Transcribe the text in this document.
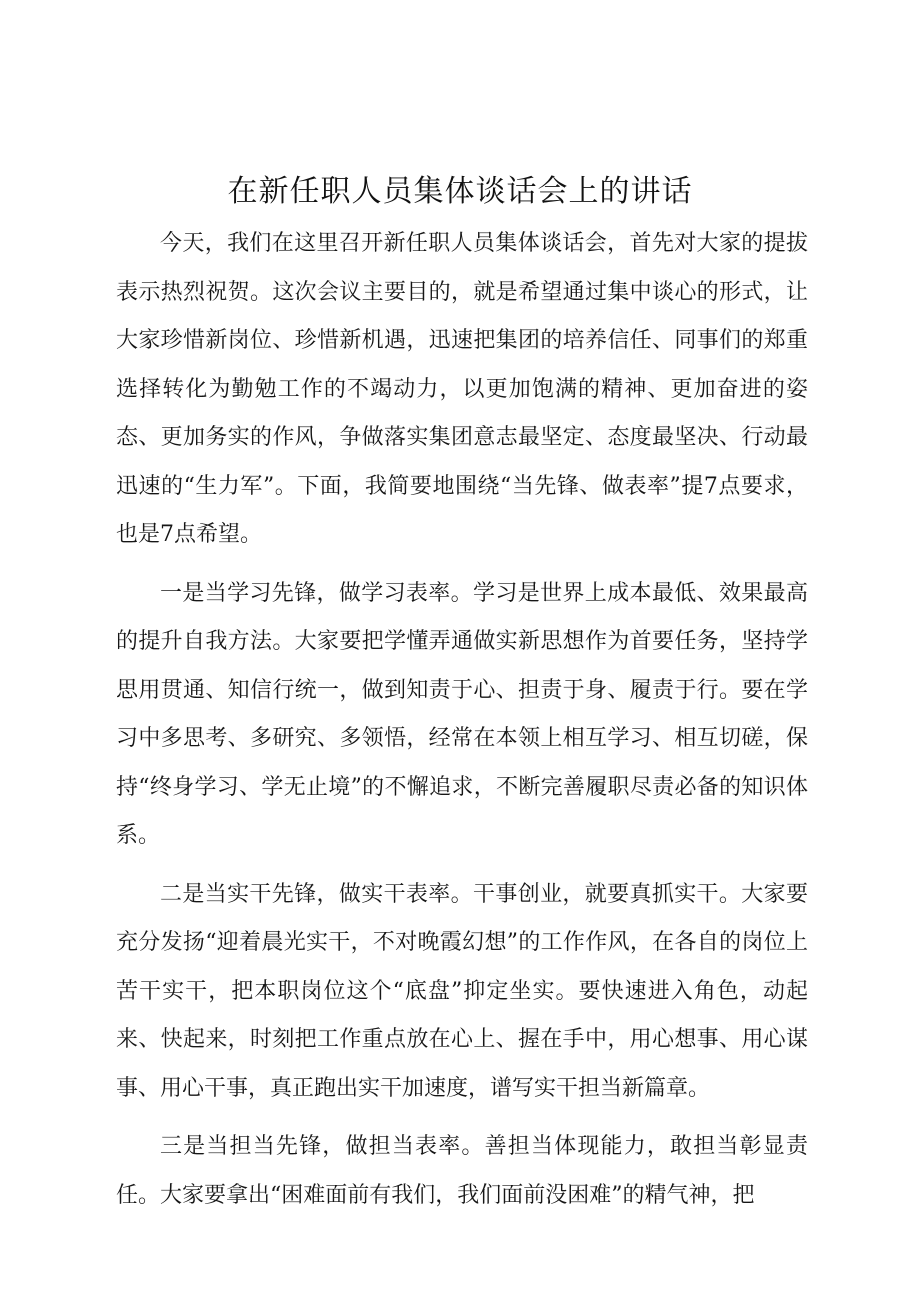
在新任职人员集体谈话会上的讲话

今天，我们在这里召开新任职人员集体谈话会，首先对大家的提拔表示热烈祝贺。这次会议主要目的，就是希望通过集中谈心的形式，让大家珍惜新岗位、珍惜新机遇，迅速把集团的培养信任、同事们的郑重选择转化为勤勉工作的不竭动力，以更加饱满的精神、更加奋进的姿态、更加务实的作风，争做落实集团意志最坚定、态度最坚决、行动最迅速的“生力军”。下面，我简要地围绕“当先锋、做表率”提7点要求，也是7点希望。

一是当学习先锋，做学习表率。学习是世界上成本最低、效果最高的提升自我方法。大家要把学懂弄通做实新思想作为首要任务，坚持学思用贯通、知信行统一，做到知责于心、担责于身、履责于行。要在学习中多思考、多研究、多领悟，经常在本领上相互学习、相互切磋，保持“终身学习、学无止境”的不懈追求，不断完善履职尽责必备的知识体系。

二是当实干先锋，做实干表率。干事创业，就要真抓实干。大家要充分发扬“迎着晨光实干，不对晚霞幻想”的工作作风，在各自的岗位上苦干实干，把本职岗位这个“底盘”抑定坐实。要快速进入角色，动起来、快起来，时刻把工作重点放在心上、握在手中，用心想事、用心谋事、用心干事，真正跑出实干加速度，谱写实干担当新篇章。

三是当担当先锋，做担当表率。善担当体现能力，敢担当彰显责任。大家要拿出“困难面前有我们，我们面前没困难”的精气神，把
